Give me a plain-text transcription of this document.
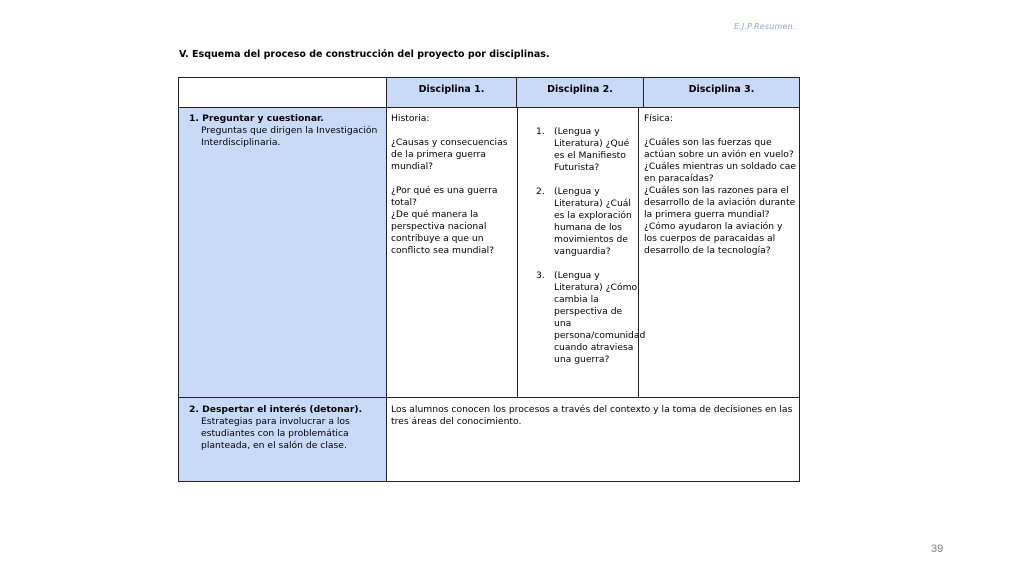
E.J.P.Resumen.
V. Esquema del proceso de construcción del proyecto por disciplinas.
Disciplina 1.	Disciplina 2.	Disciplina 3.

1. Preguntar y cuestionar.

Preguntas que dirigen la Investigación Interdisciplinaria.

Historia:

¿Causas y consecuencias de la primera guerra mundial?

¿Por qué es una guerra total?

¿De qué manera la perspectiva nacional contribuye a que un conflicto sea mundial?

1. (Lengua y Literatura) ¿Qué es el Manifiesto Futurista?
2. (Lengua y Literatura) ¿Cuál es la exploración humana de los movimientos de vanguardia?
3. (Lengua y Literatura) ¿Cómo cambia la perspectiva de una persona/comunidad cuando atraviesa una guerra?

Física:

¿Cuáles son las fuerzas que actúan sobre un avión en vuelo? ¿Cuáles mientras un soldado cae en paracaídas?

¿Cuáles son las razones para el desarrollo de la aviación durante la primera guerra mundial?

¿Cómo ayudaron la aviación y los cuerpos de paracaidas al desarrollo de la tecnología?

2. Despertar el interés (detonar).

Estrategias para involucrar a los estudiantes con la problemática planteada, en el salón de clase.

Los alumnos conocen los procesos a través del contexto y la toma de decisiones en las tres áreas del conocimiento.

39
